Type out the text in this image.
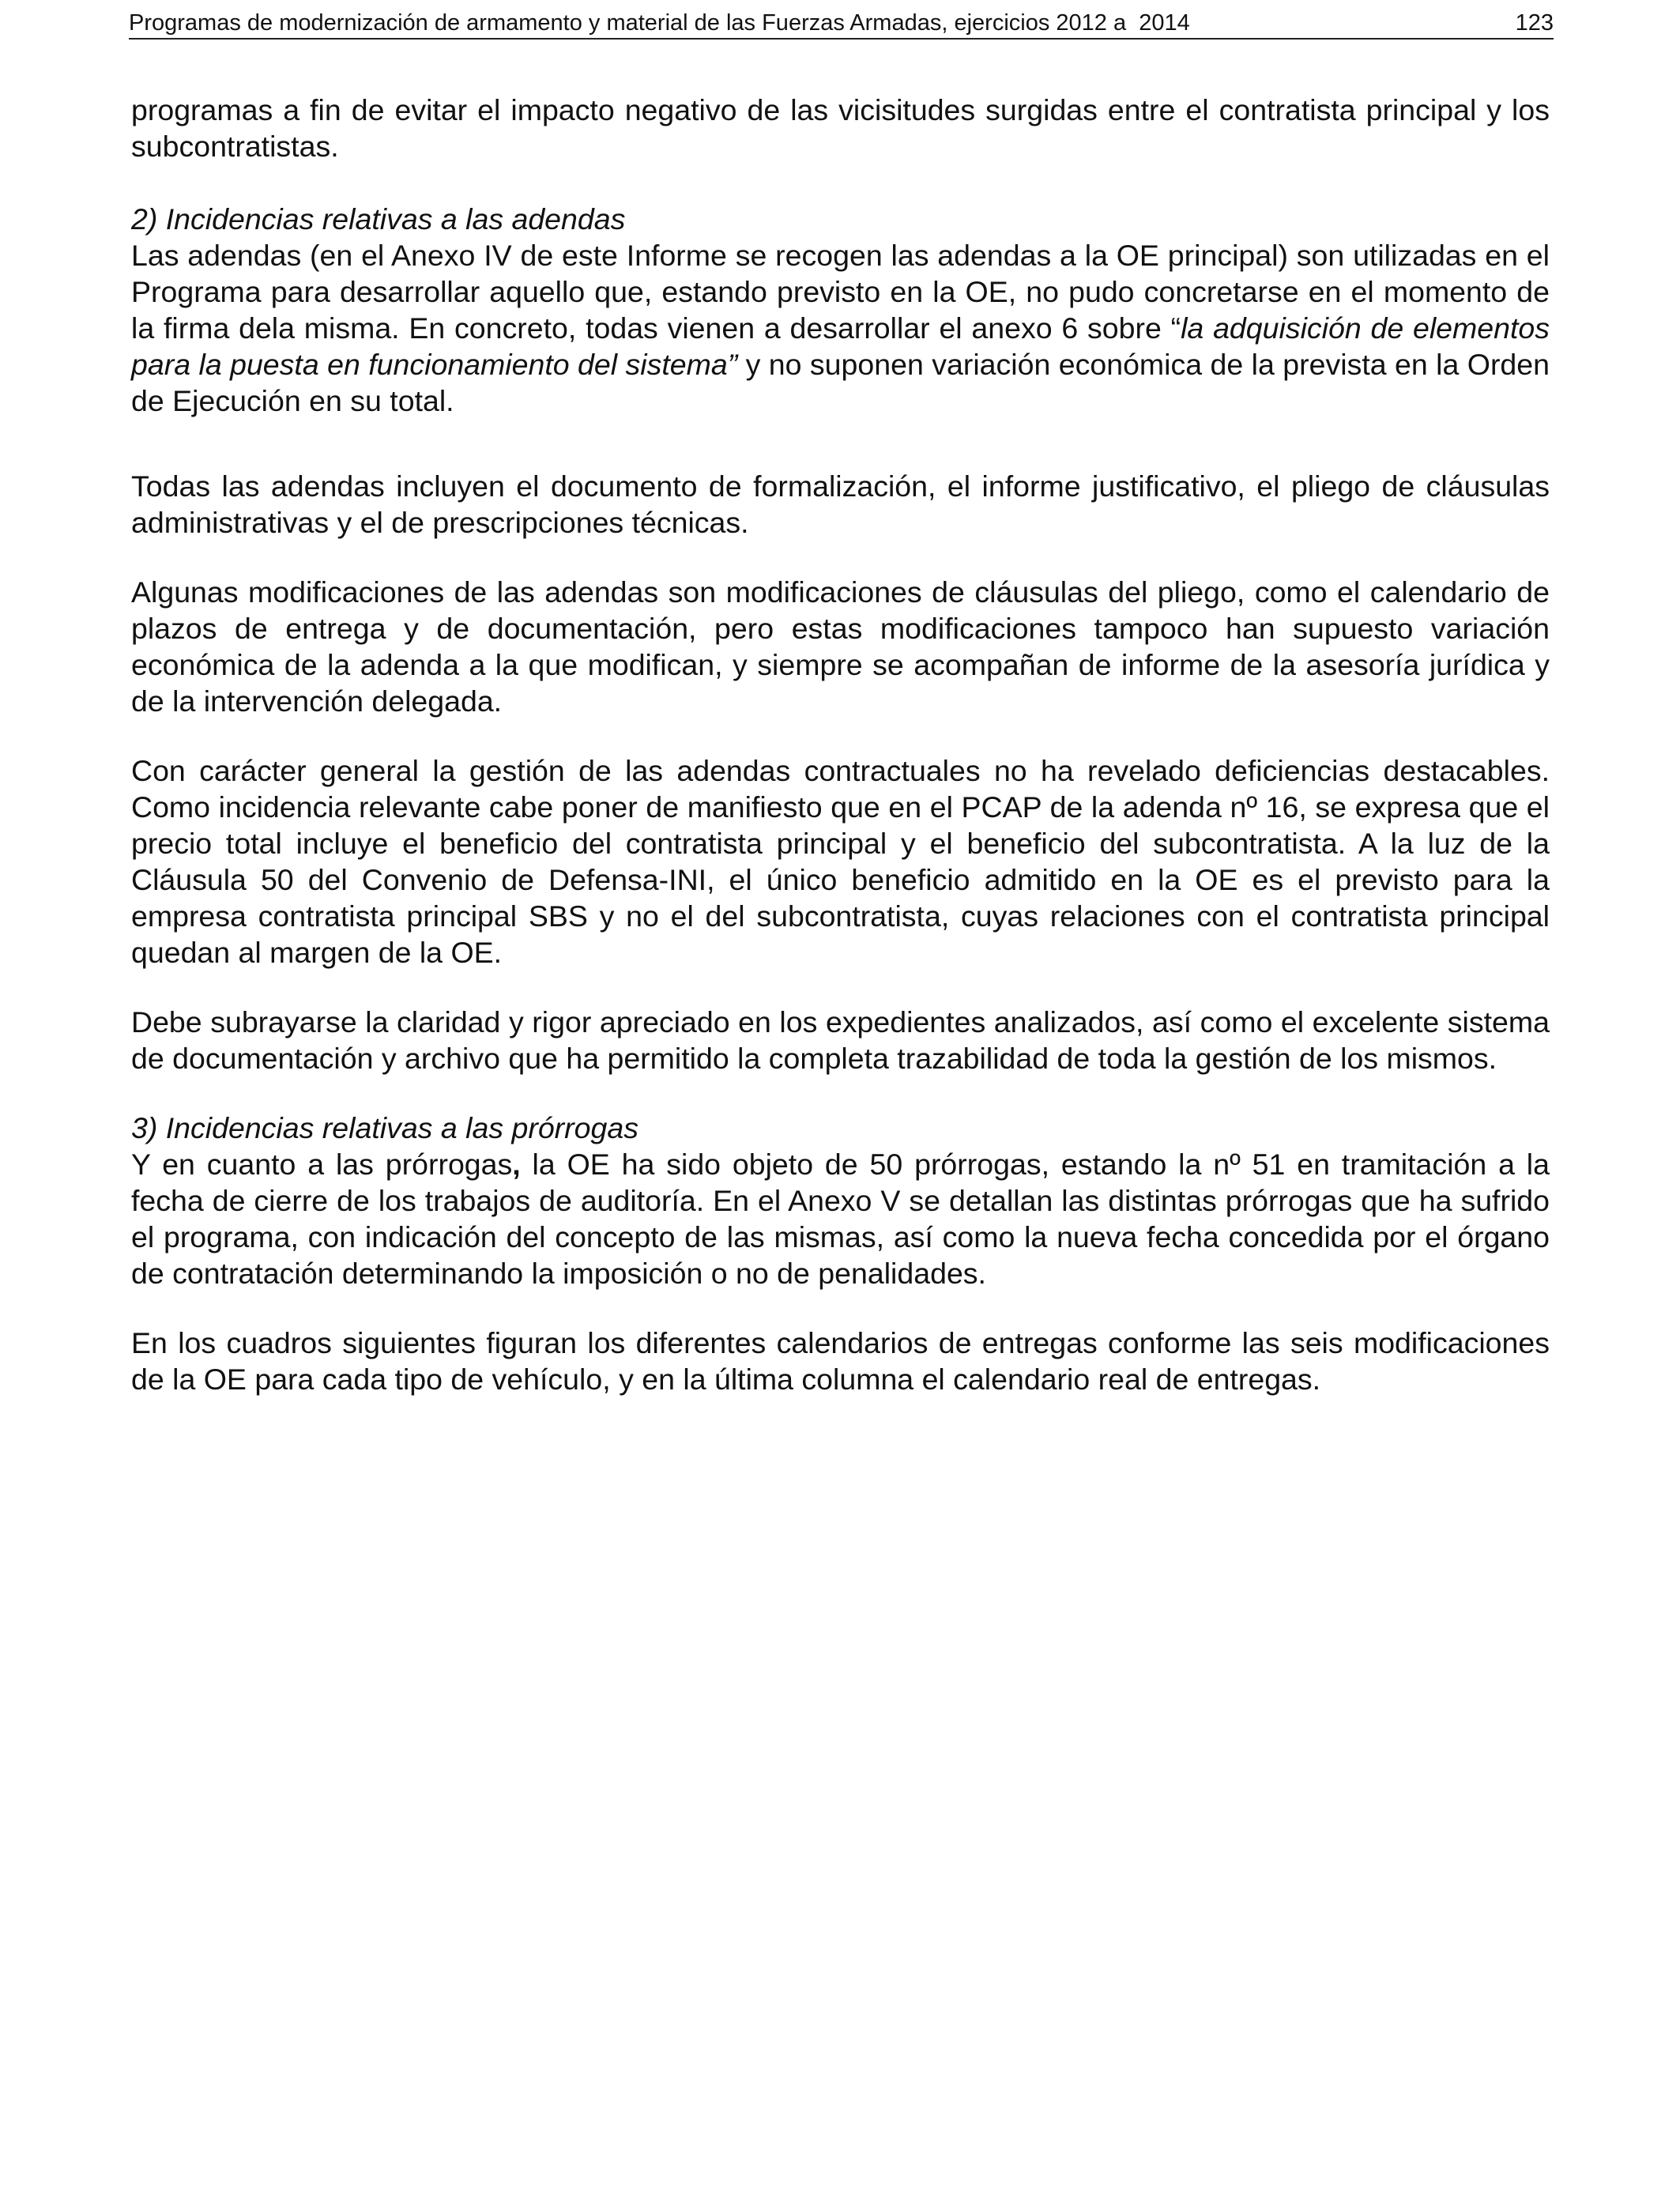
Programas de modernización de armamento y material de las Fuerzas Armadas, ejercicios 2012 a  2014	123

programas a fin de evitar el impacto negativo de las vicisitudes surgidas entre el contratista principal y los subcontratistas.

2) Incidencias relativas a las adendas

Las adendas (en el Anexo IV de este Informe se recogen las adendas a la OE principal) son utilizadas en el Programa para desarrollar aquello que, estando previsto en la OE, no pudo concretarse en el momento de la firma dela misma. En concreto, todas vienen a desarrollar el anexo 6 sobre “la adquisición de elementos para la puesta en funcionamiento del sistema” y no suponen variación económica de la prevista en la Orden de Ejecución en su total.

Todas las adendas incluyen el documento de formalización, el informe justificativo, el pliego de cláusulas administrativas y el de prescripciones técnicas.

Algunas modificaciones de las adendas son modificaciones de cláusulas del pliego, como el calendario de plazos de entrega y de documentación, pero estas modificaciones tampoco han supuesto variación económica de la adenda a la que modifican, y siempre se acompañan de informe de la asesoría jurídica y de la intervención delegada.

Con carácter general la gestión de las adendas contractuales no ha revelado deficiencias destacables. Como incidencia relevante cabe poner de manifiesto que en el PCAP de la adenda nº 16, se expresa que el precio total incluye el beneficio del contratista principal y el beneficio del subcontratista. A la luz de la Cláusula 50 del Convenio de Defensa-INI, el único beneficio admitido en la OE es el previsto para la empresa contratista principal SBS y no el del subcontratista, cuyas relaciones con el contratista principal quedan al margen de la OE.

Debe subrayarse la claridad y rigor apreciado en los expedientes analizados, así como el excelente sistema de documentación y archivo que ha permitido la completa trazabilidad de toda la gestión de los mismos.

3) Incidencias relativas a las prórrogas

Y en cuanto a las prórrogas, la OE ha sido objeto de 50 prórrogas, estando la nº 51 en tramitación a la fecha de cierre de los trabajos de auditoría. En el Anexo V se detallan las distintas prórrogas que ha sufrido el programa, con indicación del concepto de las mismas, así como la nueva fecha concedida por el órgano de contratación determinando la imposición o no de penalidades.

En los cuadros siguientes figuran los diferentes calendarios de entregas conforme las seis modificaciones de la OE para cada tipo de vehículo, y en la última columna el calendario real de entregas.
